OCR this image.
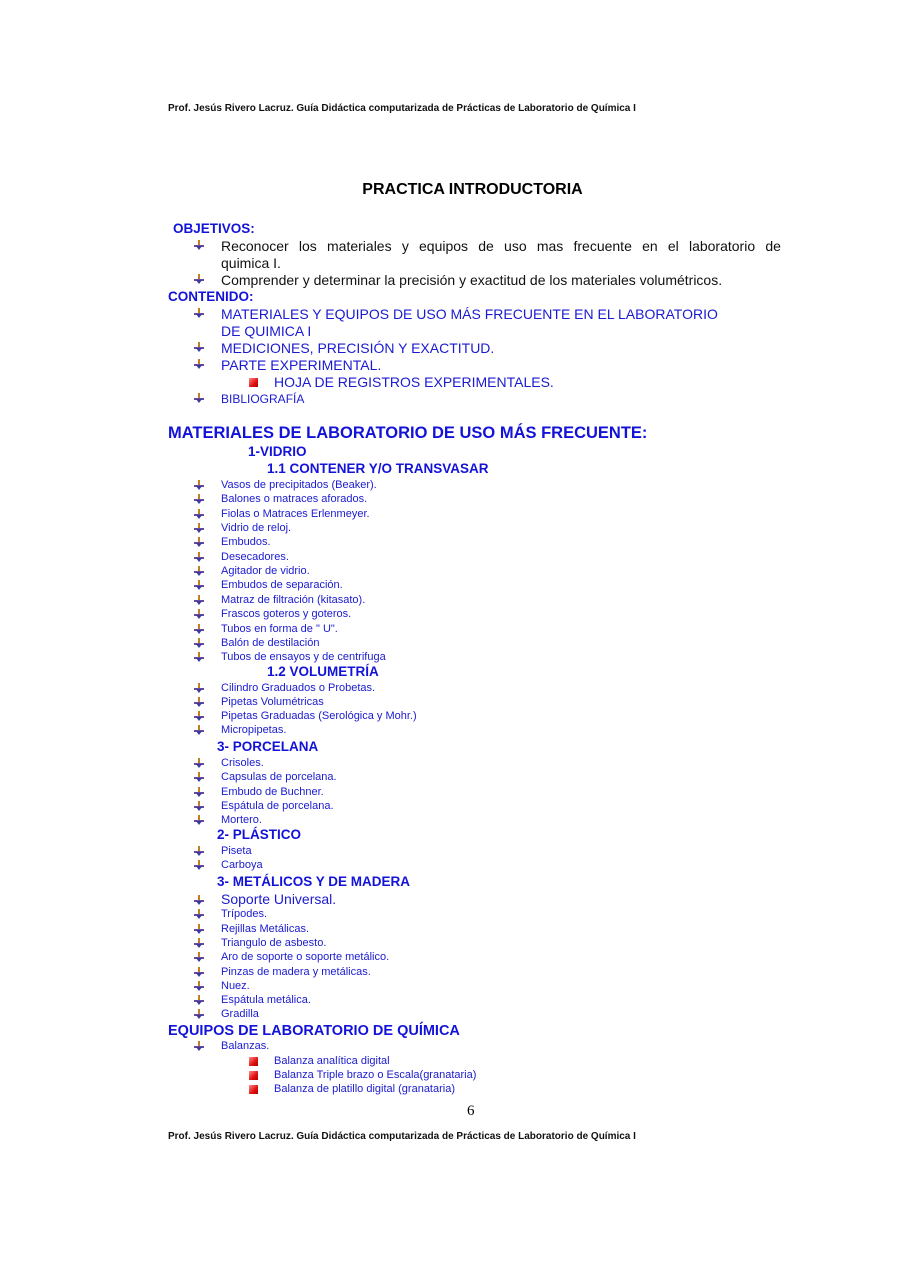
Prof. Jesús Rivero Lacruz. Guía Didáctica computarizada de Prácticas de Laboratorio de Química I
PRACTICA INTRODUCTORIA
OBJETIVOS:
Reconocer los materiales y equipos de uso mas frecuente en el laboratorio de
quimica I.
Comprender y determinar la precisión y exactitud de los materiales volumétricos.
CONTENIDO:
MATERIALES Y EQUIPOS DE USO MÁS FRECUENTE EN EL LABORATORIO
DE QUIMICA I
MEDICIONES, PRECISIÓN Y EXACTITUD.
PARTE EXPERIMENTAL.
HOJA DE REGISTROS EXPERIMENTALES.
BIBLIOGRAFÍA
MATERIALES DE LABORATORIO DE USO MÁS FRECUENTE:
1-VIDRIO
1.1 CONTENER Y/O TRANSVASAR
Vasos de precipitados (Beaker).
Balones o matraces aforados.
Fiolas o Matraces Erlenmeyer.
Vidrio de reloj.
Embudos.
Desecadores.
Agitador de vidrio.
Embudos de separación.
Matraz de filtración (kitasato).
Frascos goteros y goteros.
Tubos en forma de " U".
Balón de destilación
Tubos de ensayos y de centrifuga
1.2 VOLUMETRÍA
Cilindro Graduados o Probetas.
Pipetas Volumétricas
Pipetas Graduadas (Serológica y Mohr.)
Micropipetas.
3- PORCELANA
Crisoles.
Capsulas de porcelana.
Embudo de Buchner.
Espátula de porcelana.
Mortero.
2- PLÁSTICO
Piseta
Carboya
3- METÁLICOS Y DE MADERA
Soporte Universal.
Trípodes.
Rejillas Metálicas.
Triangulo de asbesto.
Aro de soporte o soporte metálico.
Pinzas de madera y metálicas.
Nuez.
Espátula metálica.
Gradilla
EQUIPOS DE LABORATORIO DE QUÍMICA
Balanzas.
Balanza analítica digital
Balanza Triple brazo o Escala(granataria)
Balanza de platillo digital (granataria)
6
Prof. Jesús Rivero Lacruz. Guía Didáctica computarizada de Prácticas de Laboratorio de Química I
